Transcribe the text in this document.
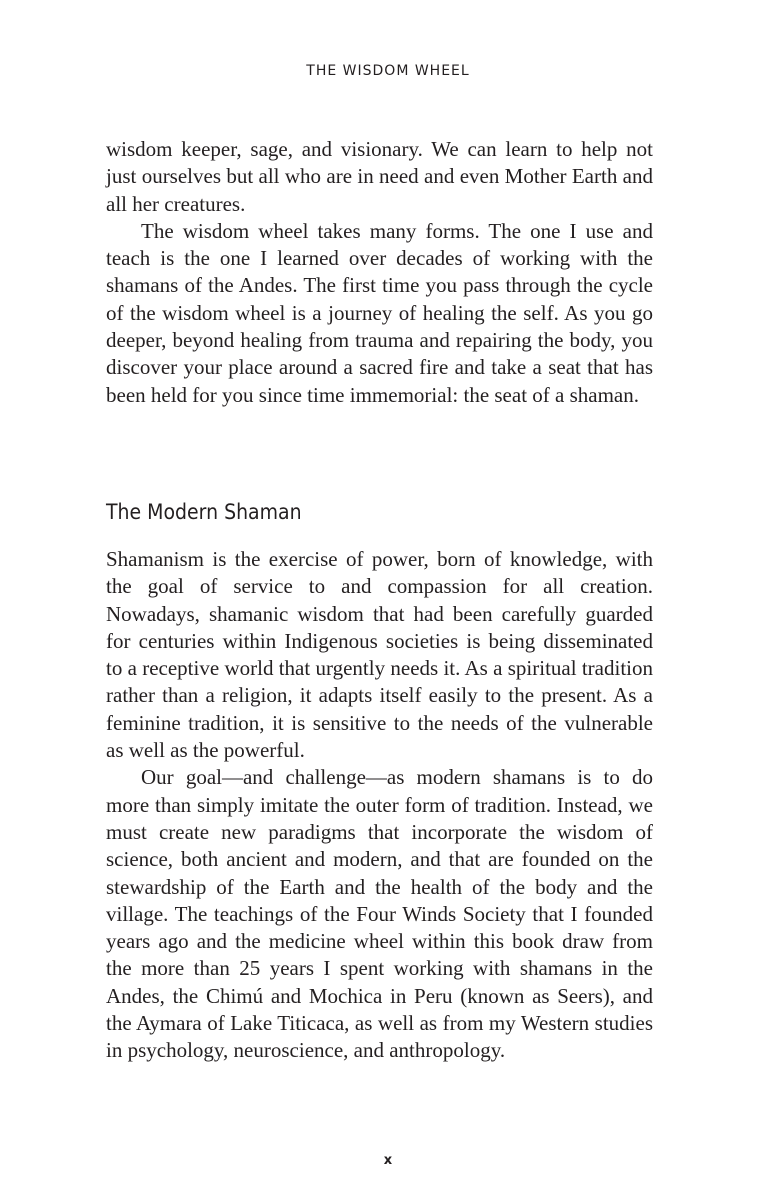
THE WISDOM WHEEL

wisdom keeper, sage, and visionary. We can learn to help not just ourselves but all who are in need and even Mother Earth and all her creatures.

The wisdom wheel takes many forms. The one I use and teach is the one I learned over decades of working with the shamans of the Andes. The first time you pass through the cycle of the wisdom wheel is a journey of healing the self. As you go deeper, beyond healing from trauma and repairing the body, you discover your place around a sacred fire and take a seat that has been held for you since time immemorial: the seat of a shaman.

The Modern Shaman

Shamanism is the exercise of power, born of knowledge, with the goal of service to and compassion for all creation. Nowadays, shamanic wisdom that had been carefully guarded for centuries within Indigenous societies is being disseminated to a receptive world that urgently needs it. As a spiritual tradition rather than a religion, it adapts itself easily to the present. As a feminine tradition, it is sensitive to the needs of the vulnerable as well as the powerful.

Our goal—and challenge—as modern shamans is to do more than simply imitate the outer form of tradition. Instead, we must create new paradigms that incorporate the wisdom of science, both ancient and modern, and that are founded on the stewardship of the Earth and the health of the body and the village. The teachings of the Four Winds Society that I founded years ago and the medicine wheel within this book draw from the more than 25 years I spent working with shamans in the Andes, the Chimú and Mochica in Peru (known as Seers), and the Aymara of Lake Titicaca, as well as from my Western studies in psychology, neuroscience, and anthropology.

x
